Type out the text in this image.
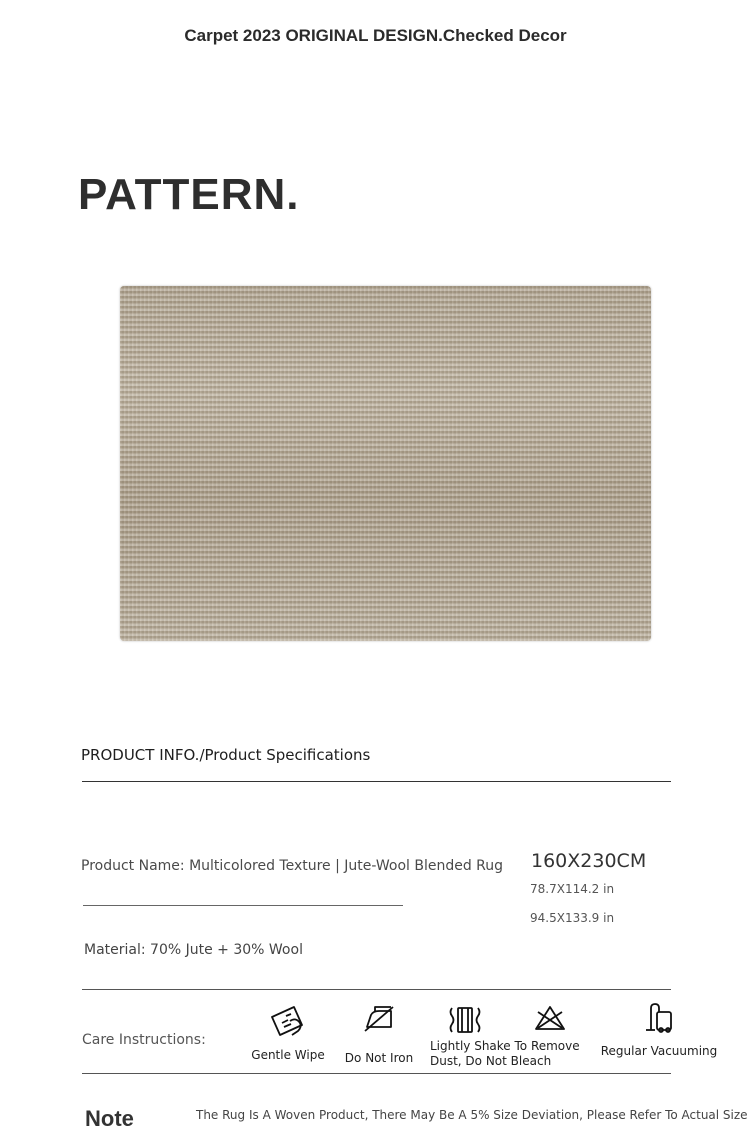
Carpet 2023 ORIGINAL DESIGN.Checked Decor
PATTERN.
PRODUCT INFO./Product Specifications
Product Name: Multicolored Texture | Jute-Wool Blended Rug 160X230CM
78.7X114.2 in
94.5X133.9 in
Material: 70% Jute + 30% Wool
Care Instructions:
Gentle Wipe	Do Not Iron
Lightly Shake To Remove
Dust, Do Not Bleach
Regular Vacuuming
Note	The Rug Is A Woven Product, There May Be A 5% Size Deviation, Please Refer To Actual Size
